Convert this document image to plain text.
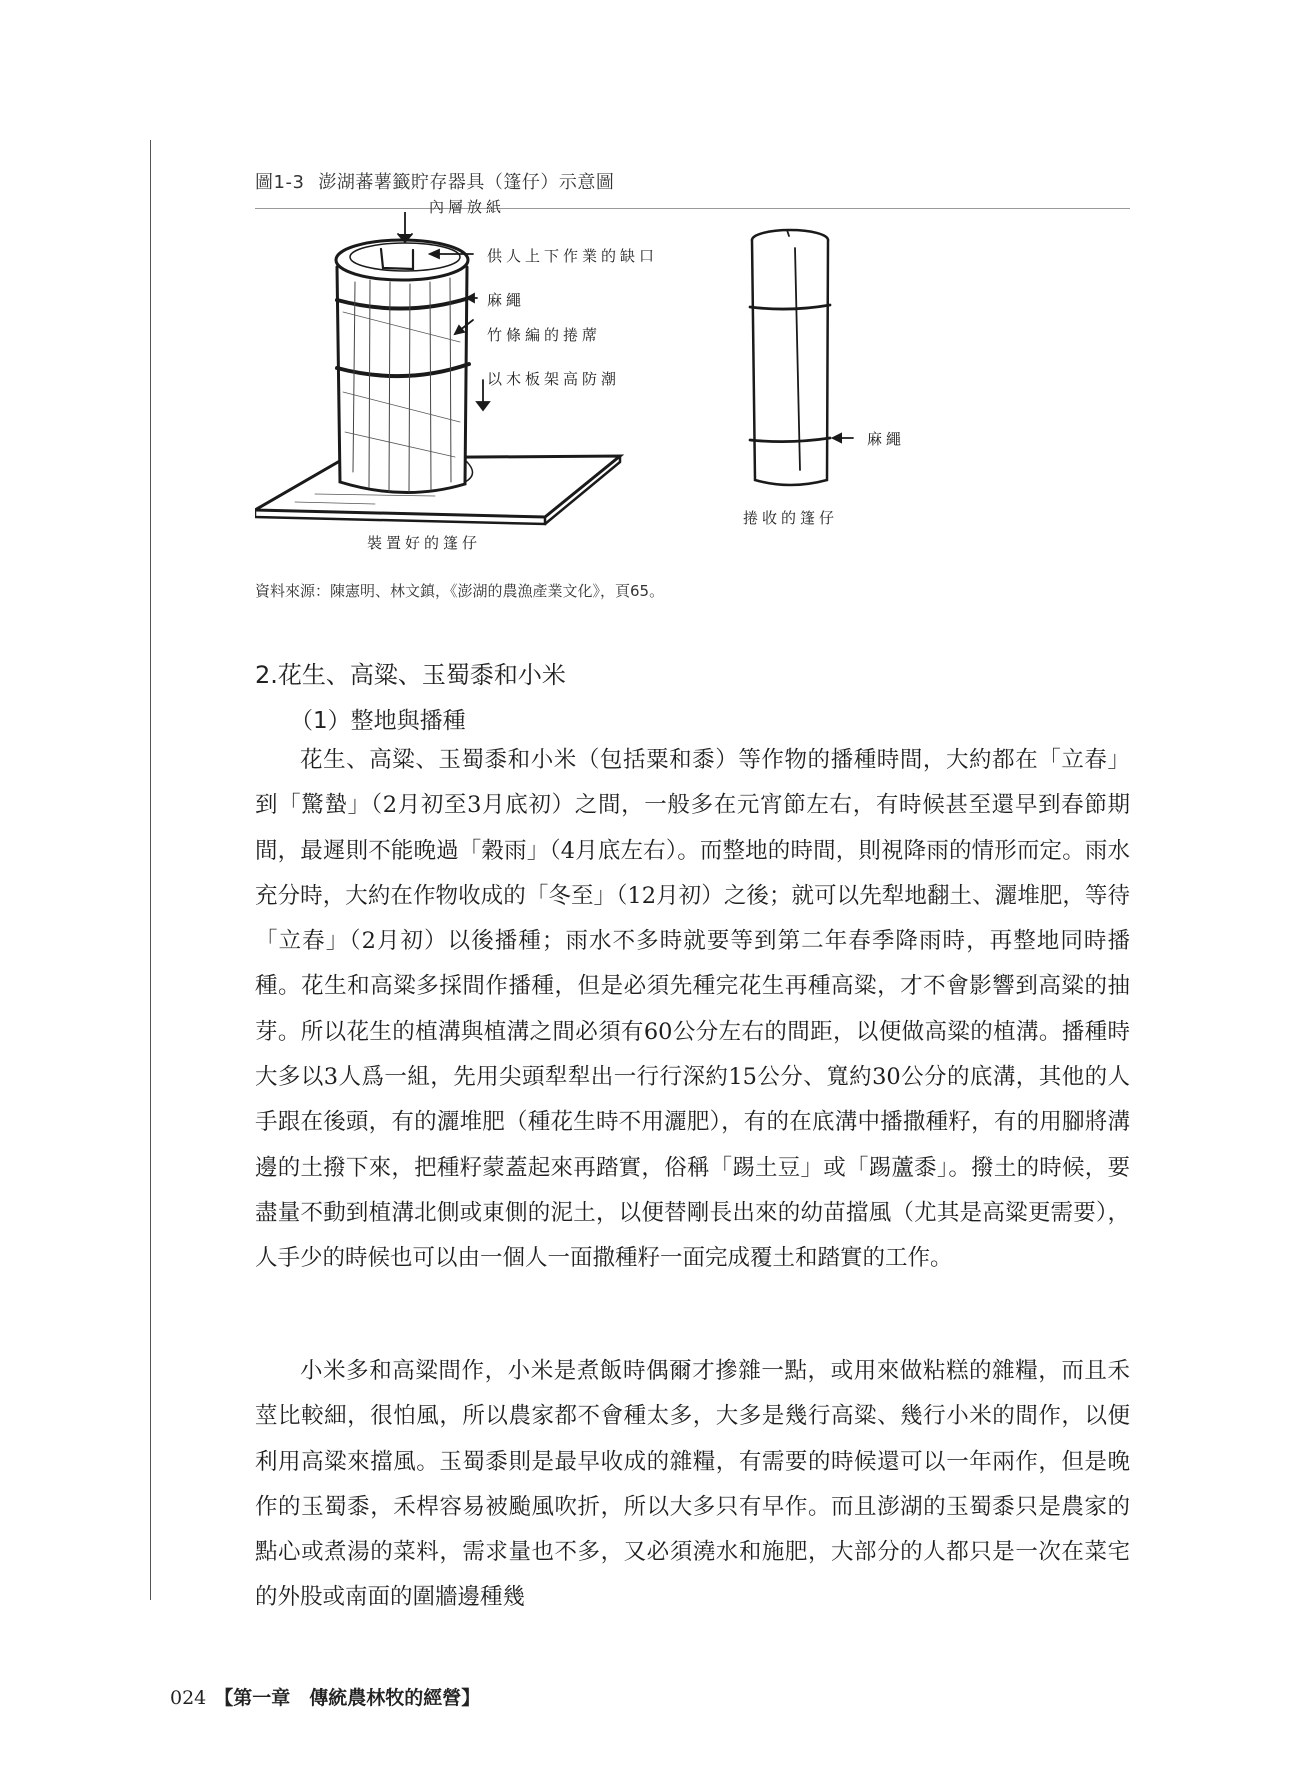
圖1-3 澎湖蕃薯籤貯存器具（篷仔）示意圖
內層放紙
供人上下作業的缺口
麻繩
竹條編的捲蓆
以木板架高防潮
裝置好的篷仔
麻繩
捲收的篷仔
資料來源：陳憲明、林文鎮，《澎湖的農漁產業文化》，頁65。
2.花生、高粱、玉蜀黍和小米
（1）整地與播種

花生、高粱、玉蜀黍和小米（包括粟和黍）等作物的播種時間，大約都在「立春」到「驚蟄」（2月初至3月底初）之間，一般多在元宵節左右，有時候甚至還早到春節期間，最遲則不能晚過「穀雨」（4月底左右）。而整地的時間，則視降雨的情形而定。雨水充分時，大約在作物收成的「冬至」（12月初）之後；就可以先犁地翻土、灑堆肥，等待「立春」（2月初）以後播種；雨水不多時就要等到第二年春季降雨時，再整地同時播種。花生和高粱多採間作播種，但是必須先種完花生再種高粱，才不會影響到高粱的抽芽。所以花生的植溝與植溝之間必須有60公分左右的間距，以便做高粱的植溝。播種時大多以3人爲一組，先用尖頭犁犁出一行行深約15公分、寬約30公分的底溝，其他的人手跟在後頭，有的灑堆肥（種花生時不用灑肥），有的在底溝中播撒種籽，有的用腳將溝邊的土撥下來，把種籽蒙蓋起來再踏實，俗稱「踢土豆」或「踢蘆黍」。撥土的時候，要盡量不動到植溝北側或東側的泥土，以便替剛長出來的幼苗擋風（尤其是高粱更需要），人手少的時候也可以由一個人一面撒種籽一面完成覆土和踏實的工作。

小米多和高粱間作，小米是煮飯時偶爾才摻雜一點，或用來做粘糕的雜糧，而且禾莖比較細，很怕風，所以農家都不會種太多，大多是幾行高粱、幾行小米的間作，以便利用高粱來擋風。玉蜀黍則是最早收成的雜糧，有需要的時候還可以一年兩作，但是晚作的玉蜀黍，禾桿容易被颱風吹折，所以大多只有早作。而且澎湖的玉蜀黍只是農家的點心或煮湯的菜料，需求量也不多，又必須澆水和施肥，大部分的人都只是一次在菜宅的外股或南面的圍牆邊種幾

024 【第一章　傳統農林牧的經營】
